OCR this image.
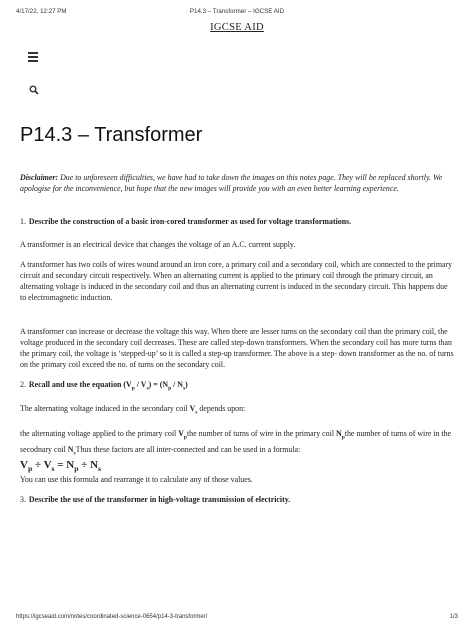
4/17/22, 12:27 PM	P14.3 – Transformer – IGCSE AID
IGCSE AID
P14.3 – Transformer

Disclaimer: Due to unforeseen difficulties, we have had to take down the images on this notes page. They will be replaced shortly. We apologise for the inconvenience, but hope that the new images will provide you with an even better learning experience.

1. Describe the construction of a basic iron-cored transformer as used for voltage transformations.

A transformer is an electrical device that changes the voltage of an A.C. current supply.

A transformer has two coils of wires wound around an iron core, a primary coil and a secondary coil, which are connected to the primary circuit and secondary circuit respectively. When an alternating current is applied to the primary coil through the primary circuit, an alternating voltage is induced in the secondary coil and thus an alternating current is induced in the secondary circuit. This happens due to electromagnetic induction.

A transformer can increase or decrease the voltage this way. When there are lesser turns on the secondary coil than the primary coil, the voltage produced in the secondary coil decreases. These are called step-down transformers. When the secondary coil has more turns than the primary coil, the voltage is ‘stepped-up’ so it is called a step-up transformer. The above is a step- down transformer as the no. of turns on the primary coil exceed the no. of turns on the secondary coil.

2. Recall and use the equation $(V_p / V_s) = (N_p / N_s)$

The alternating voltage induced in the secondary coil $V_s$ depends upon:

the alternating voltage applied to the primary coil $V_pthe$ number of turns of wire in the primary coil $N_pthe$ number of turns of wire in the secodnary coil $N_sThus$ these factors are all inter-connected and can be used in a formula:

$V_p \div V_s = N_p \div N_s$

You can use this formula and rearrange it to calculate any of those values.

3. Describe the use of the transformer in high-voltage transmission of electricity.

https://igcseaid.com/notes/coordinated-science-0654/p14-3-transformer/	1/3
